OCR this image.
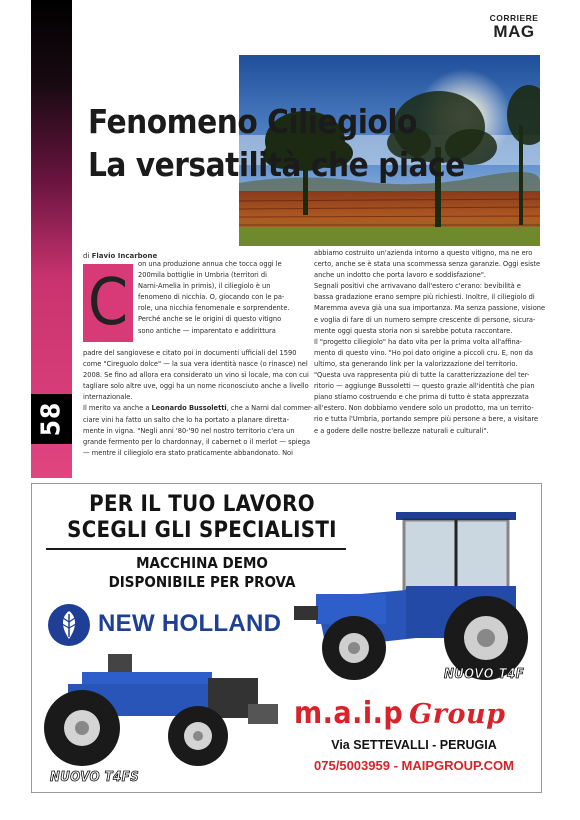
58
CORRIERE
MAG
Fenomeno Ciliegiolo
La versatilità che piace
di Flavio Incarbone
C
on una produzione annua che tocca oggi le
200mila bottiglie in Umbria (territori di
Narni-Amelia in primis), il ciliegiolo è un
fenomeno di nicchia. O, giocando con le pa-
role, una nicchia fenomenale e sorprendente.
Perché anche se le origini di questo vitigno
sono antiche — imparentato e addirittura
padre del sangiovese e citato poi in documenti ufficiali del 1590
come "Cireguolo dolce" — la sua vera identità nasce (o rinasce) nel
2008. Se fino ad allora era considerato un vino sì locale, ma con cui
tagliare solo altre uve, oggi ha un nome riconosciuto anche a livello
internazionale.
Il merito va anche a Leonardo Bussoletti, che a Narni dal commer-
ciare vini ha fatto un salto che lo ha portato a planare diretta-
mente in vigna. "Negli anni '80-'90 nel nostro territorio c'era un
grande fermento per lo chardonnay, il cabernet o il merlot — spiega
— mentre il ciliegiolo era stato praticamente abbandonato. Noi
abbiamo costruito un'azienda intorno a questo vitigno, ma ne ero
certo, anche se è stata una scommessa senza garanzie. Oggi esiste
anche un indotto che porta lavoro e soddisfazione".
Segnali positivi che arrivavano dall'estero c'erano: bevibilità e
bassa gradazione erano sempre più richiesti. Inoltre, il ciliegiolo di
Maremma aveva già una sua importanza. Ma senza passione, visione
e voglia di fare di un numero sempre crescente di persone, sicura-
mente oggi questa storia non si sarebbe potuta raccontare.
Il "progetto ciliegiolo" ha dato vita per la prima volta all'affina-
mento di questo vino. "Ho poi dato origine a piccoli cru. E, non da
ultimo, sta generando link per la valorizzazione del territorio.
"Questa uva rappresenta più di tutte la caratterizzazione del ter-
ritorio — aggiunge Bussoletti — questo grazie all'identità che pian
piano stiamo costruendo e che prima di tutto è stata apprezzata
all'estero. Non dobbiamo vendere solo un prodotto, ma un territo-
rio e tutta l'Umbria, portando sempre più persone a bere, a visitare
e a godere delle nostre bellezze naturali e culturali".
PER IL TUO LAVORO
SCEGLI GLI SPECIALISTI
MACCHINA DEMO
DISPONIBILE PER PROVA
NEW HOLLAND
NUOVO T4F
NUOVO T4FS
m.a.i.p Group
Via SETTEVALLI - PERUGIA
075/5003959 - MAIPGROUP.COM
